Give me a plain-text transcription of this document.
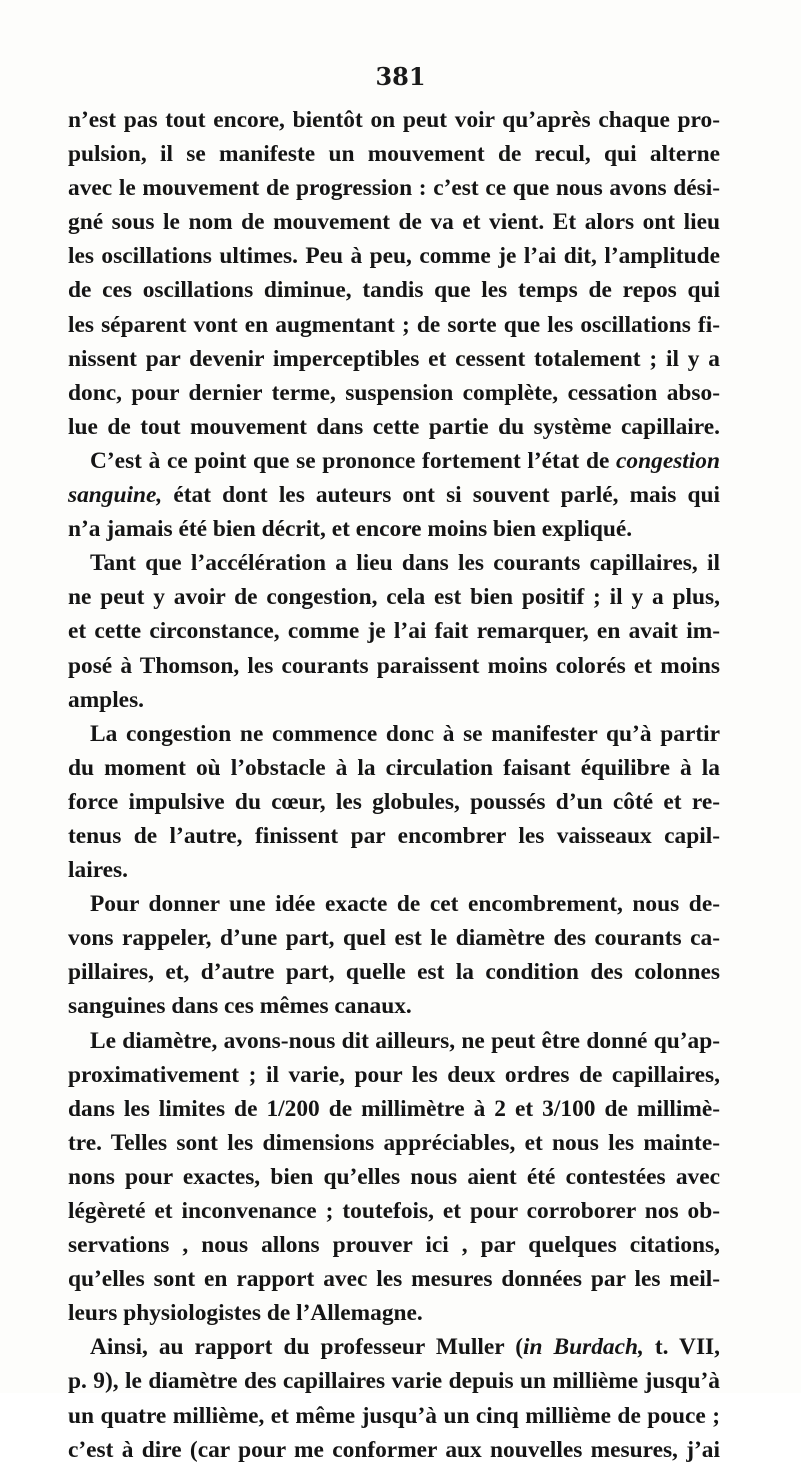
381
n’est pas tout encore, bientôt on peut voir qu’après chaque pro-
pulsion, il se manifeste un mouvement de recul, qui alterne
avec le mouvement de progression : c’est ce que nous avons dési-
gné sous le nom de mouvement de va et vient. Et alors ont lieu
les oscillations ultimes. Peu à peu, comme je l’ai dit, l’amplitude
de ces oscillations diminue, tandis que les temps de repos qui
les séparent vont en augmentant ; de sorte que les oscillations fi-
nissent par devenir imperceptibles et cessent totalement ; il y a
donc, pour dernier terme, suspension complète, cessation abso-
lue de tout mouvement dans cette partie du système capillaire.
C’est à ce point que se prononce fortement l’état de congestion
sanguine, état dont les auteurs ont si souvent parlé, mais qui
n’a jamais été bien décrit, et encore moins bien expliqué.
Tant que l’accélération a lieu dans les courants capillaires, il
ne peut y avoir de congestion, cela est bien positif ; il y a plus,
et cette circonstance, comme je l’ai fait remarquer, en avait im-
posé à Thomson, les courants paraissent moins colorés et moins
amples.
La congestion ne commence donc à se manifester qu’à partir
du moment où l’obstacle à la circulation faisant équilibre à la
force impulsive du cœur, les globules, poussés d’un côté et re-
tenus de l’autre, finissent par encombrer les vaisseaux capil-
laires.
Pour donner une idée exacte de cet encombrement, nous de-
vons rappeler, d’une part, quel est le diamètre des courants ca-
pillaires, et, d’autre part, quelle est la condition des colonnes
sanguines dans ces mêmes canaux.
Le diamètre, avons-nous dit ailleurs, ne peut être donné qu’ap-
proximativement ; il varie, pour les deux ordres de capillaires,
dans les limites de 1/200 de millimètre à 2 et 3/100 de millimè-
tre. Telles sont les dimensions appréciables, et nous les mainte-
nons pour exactes, bien qu’elles nous aient été contestées avec
légèreté et inconvenance ; toutefois, et pour corroborer nos ob-
servations , nous allons prouver ici , par quelques citations,
qu’elles sont en rapport avec les mesures données par les meil-
leurs physiologistes de l’Allemagne.
Ainsi, au rapport du professeur Muller (in Burdach, t. VII,
p. 9), le diamètre des capillaires varie depuis un millième jusqu’à
un quatre millième, et même jusqu’à un cinq millième de pouce ;
c’est à dire (car pour me conformer aux nouvelles mesures, j’ai
